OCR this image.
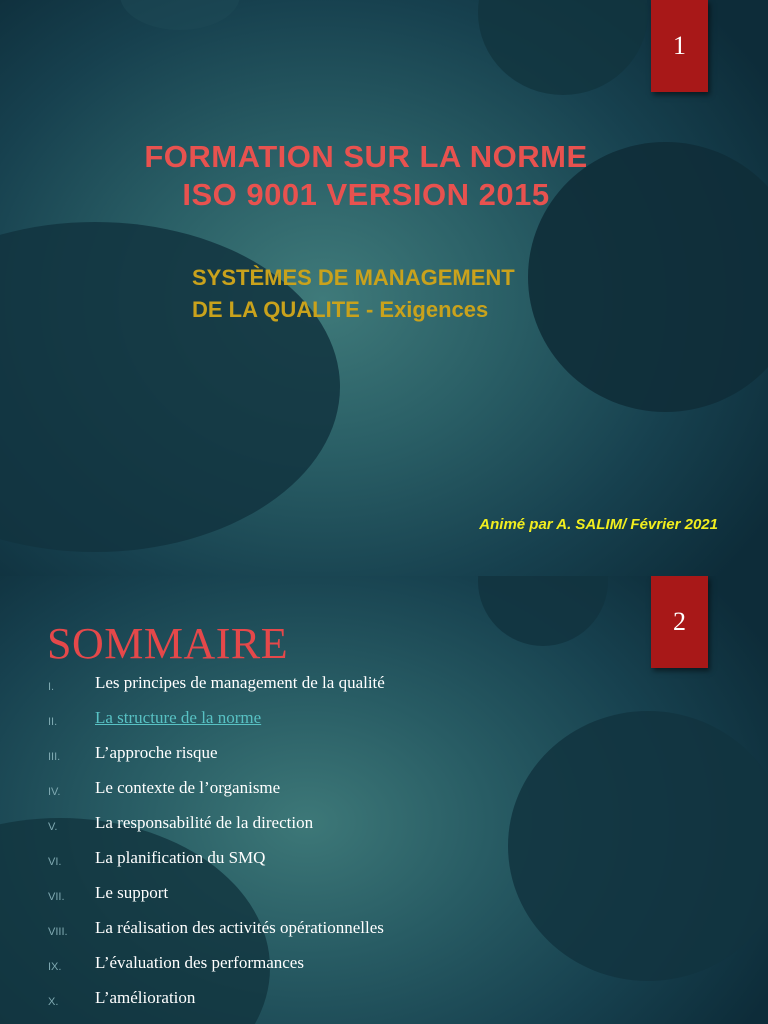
1
FORMATION SUR LA NORME
ISO 9001 VERSION 2015
SYSTÈMES DE MANAGEMENT
DE LA QUALITE - Exigences
Animé par A. SALIM/ Février 2021
2
SOMMAIRE
I. Les principes de management de la qualité
II. La structure de la norme
III. L’approche risque
IV. Le contexte de l’organisme
V. La responsabilité de la direction
VI. La planification du SMQ
VII. Le support
VIII. La réalisation des activités opérationnelles
IX. L’évaluation des performances
X. L’amélioration
